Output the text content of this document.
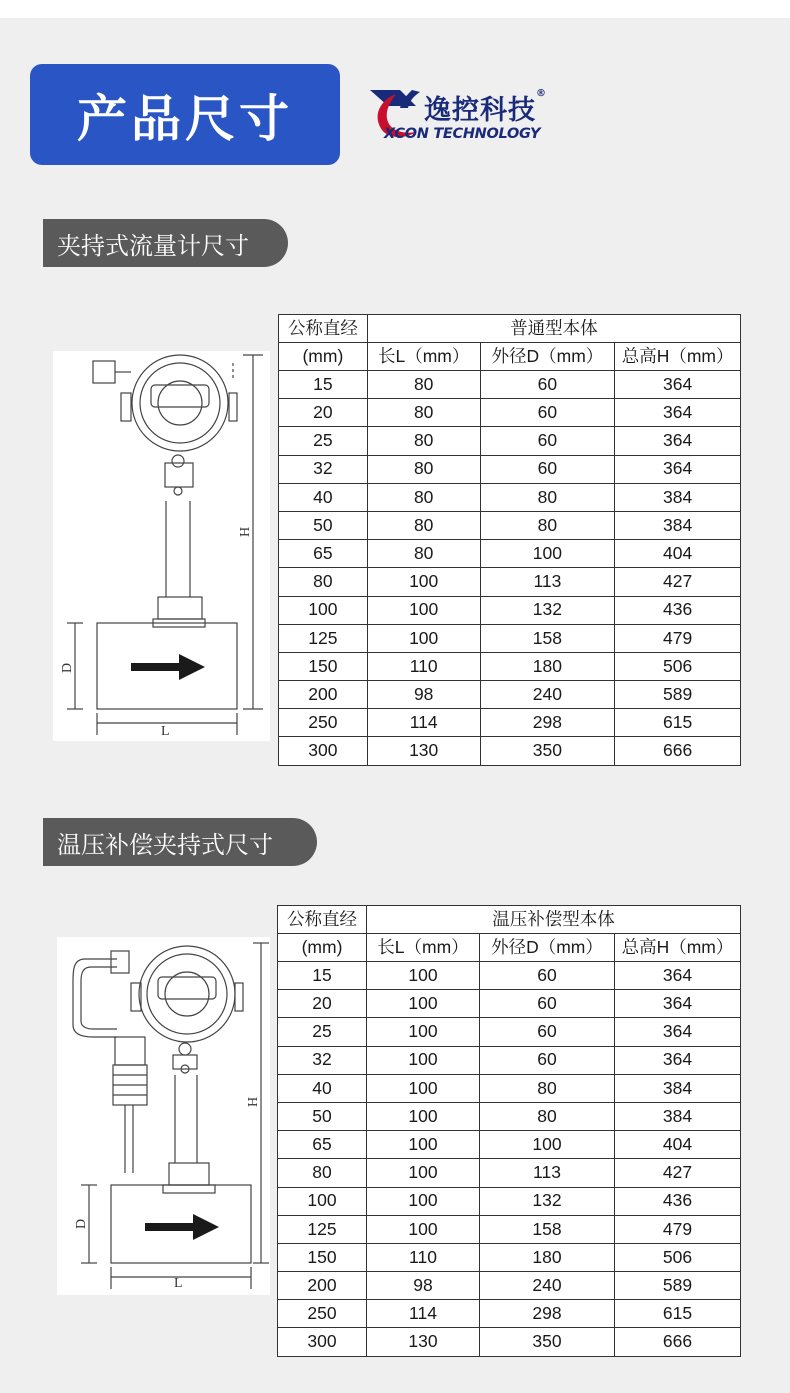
产品尺寸	逸控科技®
XCON TECHNOLOGY
夹持式流量计尺寸
H
D
L
公称直经	普通型本体		
(mm)	长L（mm）	外径D（mm）	总高H（mm）
15	80	60	364
20	80	60	364
25	80	60	364
32	80	60	364
40	80	80	384
50	80	80	384
65	80	100	404
80	100	113	427
100	100	132	436
125	100	158	479
150	110	180	506
200	98	240	589
250	114	298	615
300	130	350	666
温压补偿夹持式尺寸
H
D
L
公称直经	温压补偿型本体		
(mm)	长L（mm）	外径D（mm）	总高H（mm）
15	100	60	364
20	100	60	364
25	100	60	364
32	100	60	364
40	100	80	384
50	100	80	384
65	100	100	404
80	100	113	427
100	100	132	436
125	100	158	479
150	110	180	506
200	98	240	589
250	114	298	615
300	130	350	666
